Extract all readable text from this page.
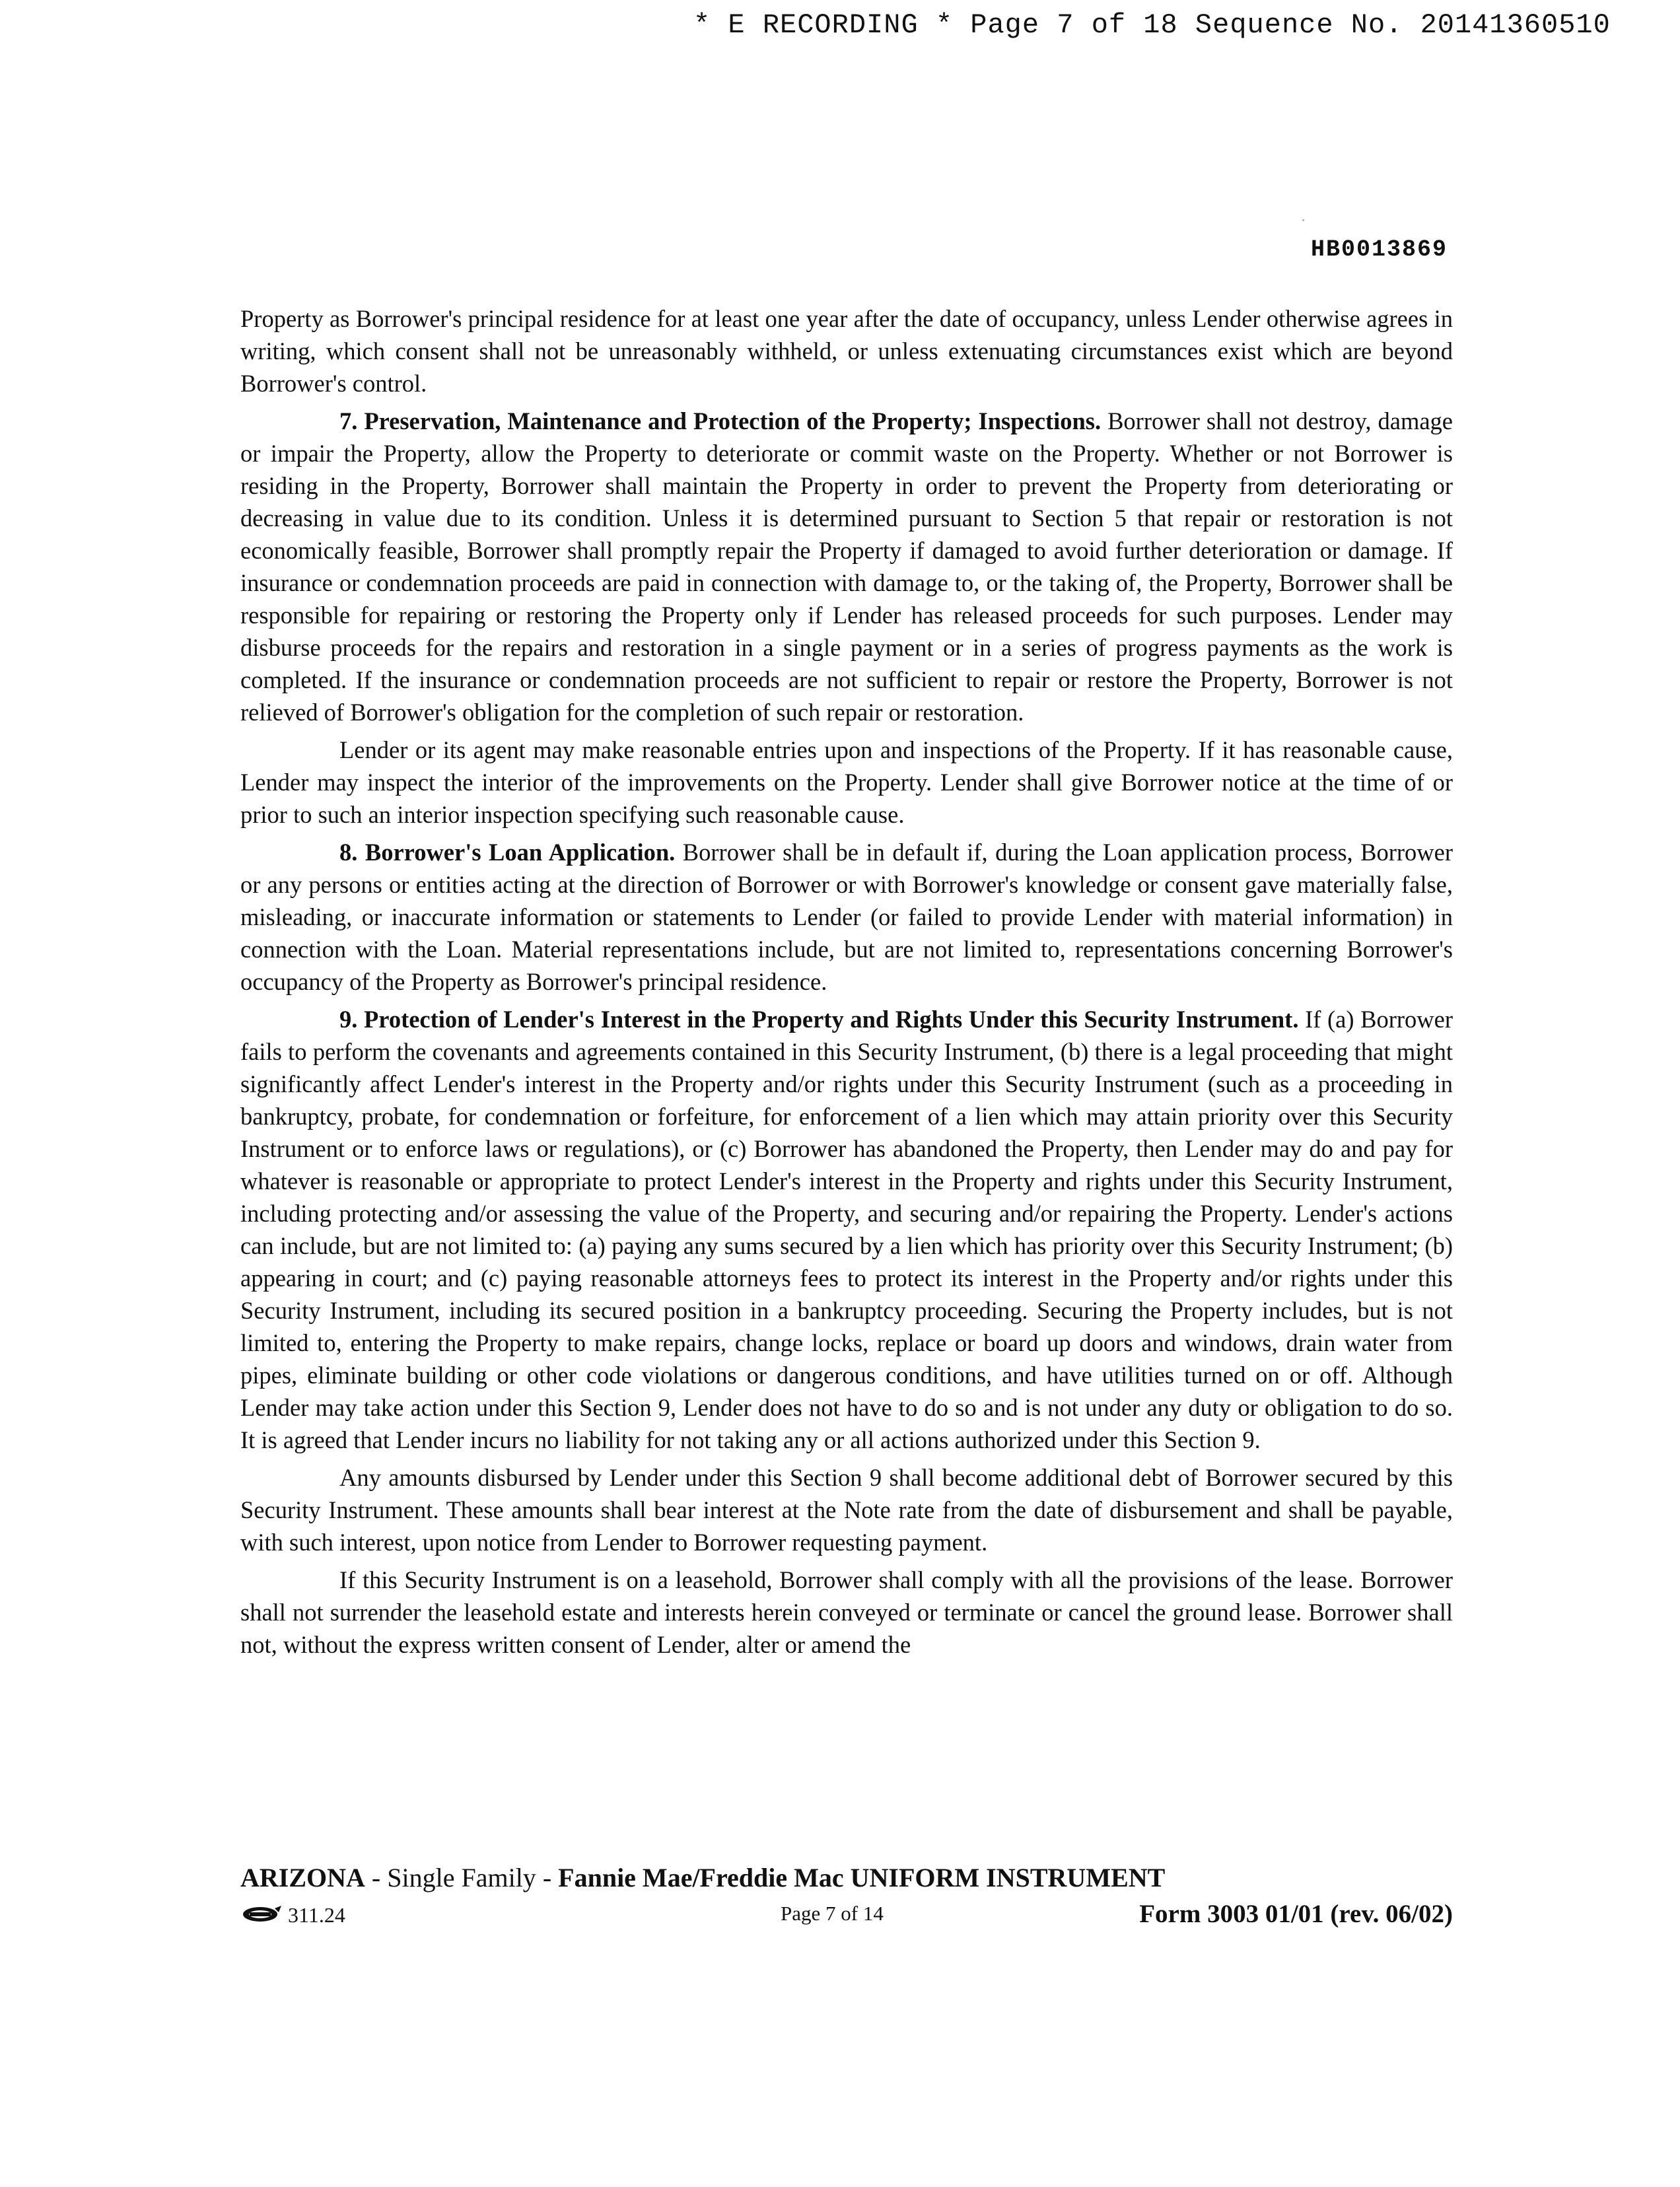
* E RECORDING * Page 7 of 18 Sequence No. 20141360510
HB0013869

Property as Borrower's principal residence for at least one year after the date of occupancy, unless Lender otherwise agrees in writing, which consent shall not be unreasonably withheld, or unless extenuating circumstances exist which are beyond Borrower's control.

7. Preservation, Maintenance and Protection of the Property; Inspections. Borrower shall not destroy, damage or impair the Property, allow the Property to deteriorate or commit waste on the Property. Whether or not Borrower is residing in the Property, Borrower shall maintain the Property in order to prevent the Property from deteriorating or decreasing in value due to its condition. Unless it is determined pursuant to Section 5 that repair or restoration is not economically feasible, Borrower shall promptly repair the Property if damaged to avoid further deterioration or damage. If insurance or condemnation proceeds are paid in connection with damage to, or the taking of, the Property, Borrower shall be responsible for repairing or restoring the Property only if Lender has released proceeds for such purposes. Lender may disburse proceeds for the repairs and restoration in a single payment or in a series of progress payments as the work is completed. If the insurance or condemnation proceeds are not sufficient to repair or restore the Property, Borrower is not relieved of Borrower's obligation for the completion of such repair or restoration.

Lender or its agent may make reasonable entries upon and inspections of the Property. If it has reasonable cause, Lender may inspect the interior of the improvements on the Property. Lender shall give Borrower notice at the time of or prior to such an interior inspection specifying such reasonable cause.

8. Borrower's Loan Application. Borrower shall be in default if, during the Loan application process, Borrower or any persons or entities acting at the direction of Borrower or with Borrower's knowledge or consent gave materially false, misleading, or inaccurate information or statements to Lender (or failed to provide Lender with material information) in connection with the Loan. Material representations include, but are not limited to, representations concerning Borrower's occupancy of the Property as Borrower's principal residence.

9. Protection of Lender's Interest in the Property and Rights Under this Security Instrument. If (a) Borrower fails to perform the covenants and agreements contained in this Security Instrument, (b) there is a legal proceeding that might significantly affect Lender's interest in the Property and/or rights under this Security Instrument (such as a proceeding in bankruptcy, probate, for condemnation or forfeiture, for enforcement of a lien which may attain priority over this Security Instrument or to enforce laws or regulations), or (c) Borrower has abandoned the Property, then Lender may do and pay for whatever is reasonable or appropriate to protect Lender's interest in the Property and rights under this Security Instrument, including protecting and/or assessing the value of the Property, and securing and/or repairing the Property. Lender's actions can include, but are not limited to: (a) paying any sums secured by a lien which has priority over this Security Instrument; (b) appearing in court; and (c) paying reasonable attorneys fees to protect its interest in the Property and/or rights under this Security Instrument, including its secured position in a bankruptcy proceeding. Securing the Property includes, but is not limited to, entering the Property to make repairs, change locks, replace or board up doors and windows, drain water from pipes, eliminate building or other code violations or dangerous conditions, and have utilities turned on or off. Although Lender may take action under this Section 9, Lender does not have to do so and is not under any duty or obligation to do so. It is agreed that Lender incurs no liability for not taking any or all actions authorized under this Section 9.

Any amounts disbursed by Lender under this Section 9 shall become additional debt of Borrower secured by this Security Instrument. These amounts shall bear interest at the Note rate from the date of disbursement and shall be payable, with such interest, upon notice from Lender to Borrower requesting payment.

If this Security Instrument is on a leasehold, Borrower shall comply with all the provisions of the lease. Borrower shall not surrender the leasehold estate and interests herein conveyed or terminate or cancel the ground lease. Borrower shall not, without the express written consent of Lender, alter or amend the

ARIZONA - Single Family - Fannie Mae/Freddie Mac UNIFORM INSTRUMENT
311.24	Page 7 of 14	Form 3003 01/01 (rev. 06/02)
